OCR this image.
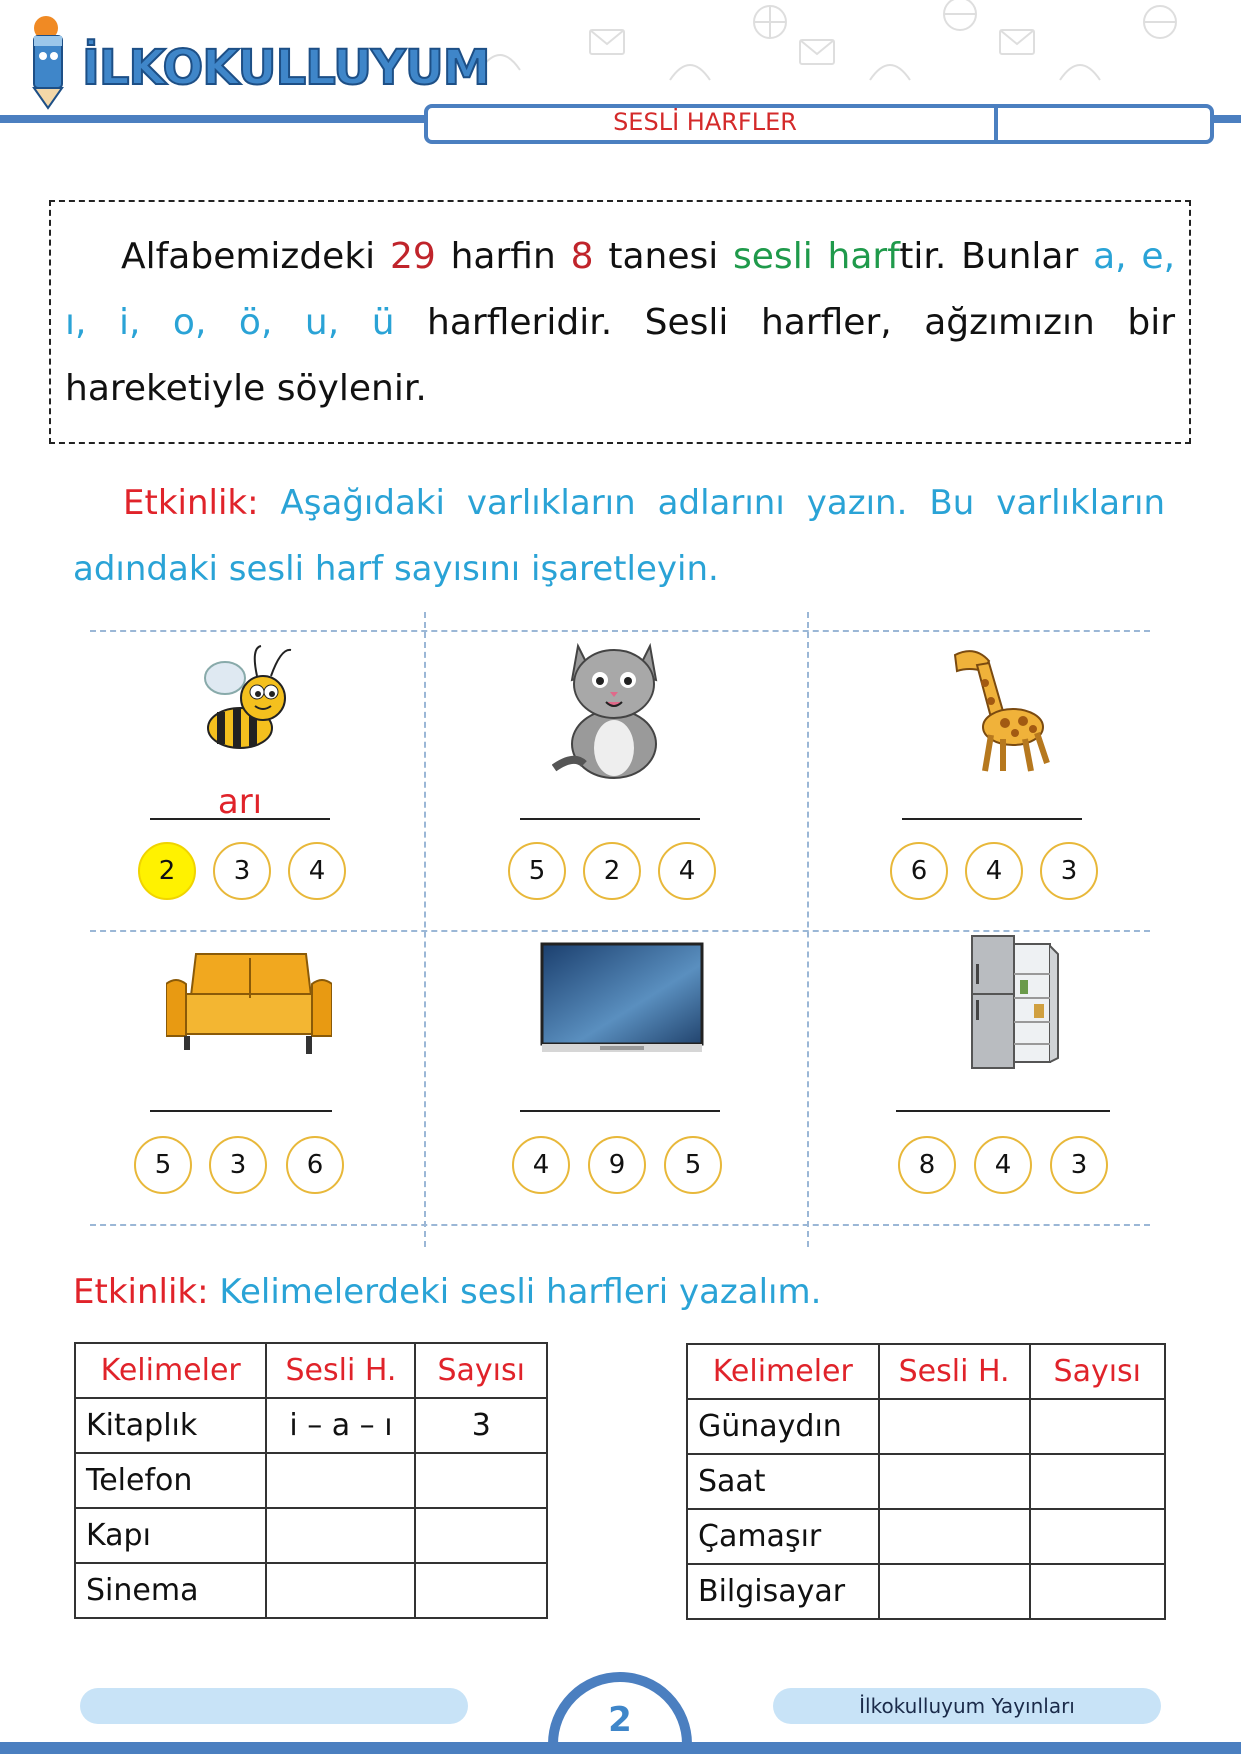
İLKOKULLUYUM
SESLİ HARFLER

Alfabemizdeki 29 harfin 8 tanesi sesli harftir. Bunlar a, e, ı, i, o, ö, u, ü harfleridir. Sesli harfler, ağzımızın bir hareketiyle söylenir.

Etkinlik: Aşağıdaki varlıkların adlarını yazın. Bu varlıkların adındaki sesli harf sayısını işaretleyin.

arı
2	3	4	5	2	4	6	4	3
5	3	6	4	9	5	8	4	3

Etkinlik: Kelimelerdeki sesli harfleri yazalım.

Kelimeler	Sesli H.	Sayısı
Kitaplık	i – a – ı	3
Telefon		
Kapı		
Sinema		
Kelimeler	Sesli H.	Sayısı
Günaydın		
Saat		
Çamaşır		
Bilgisayar		
İlkokulluyum Yayınları
2
